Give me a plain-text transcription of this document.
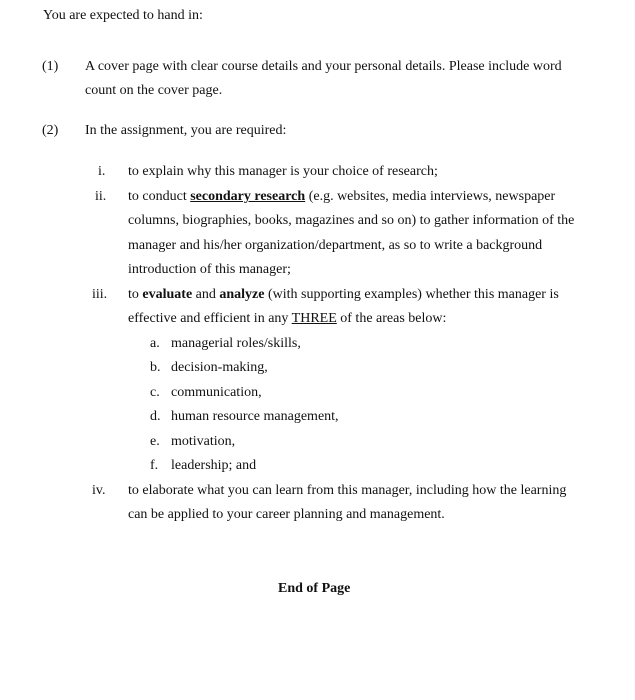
You are expected to hand in:
(1) A cover page with clear course details and your personal details. Please include word
count on the cover page.
(2) In the assignment, you are required:
i. to explain why this manager is your choice of research;
ii. to conduct secondary research (e.g. websites, media interviews, newspaper
columns, biographies, books, magazines and so on) to gather information of the
manager and his/her organization/department, as so to write a background
introduction of this manager;
iii. to evaluate and analyze (with supporting examples) whether this manager is
effective and efficient in any THREE of the areas below:
a. managerial roles/skills,
b. decision-making,
c. communication,
d. human resource management,
e. motivation,
f. leadership; and
iv. to elaborate what you can learn from this manager, including how the learning
can be applied to your career planning and management.
End of Page
